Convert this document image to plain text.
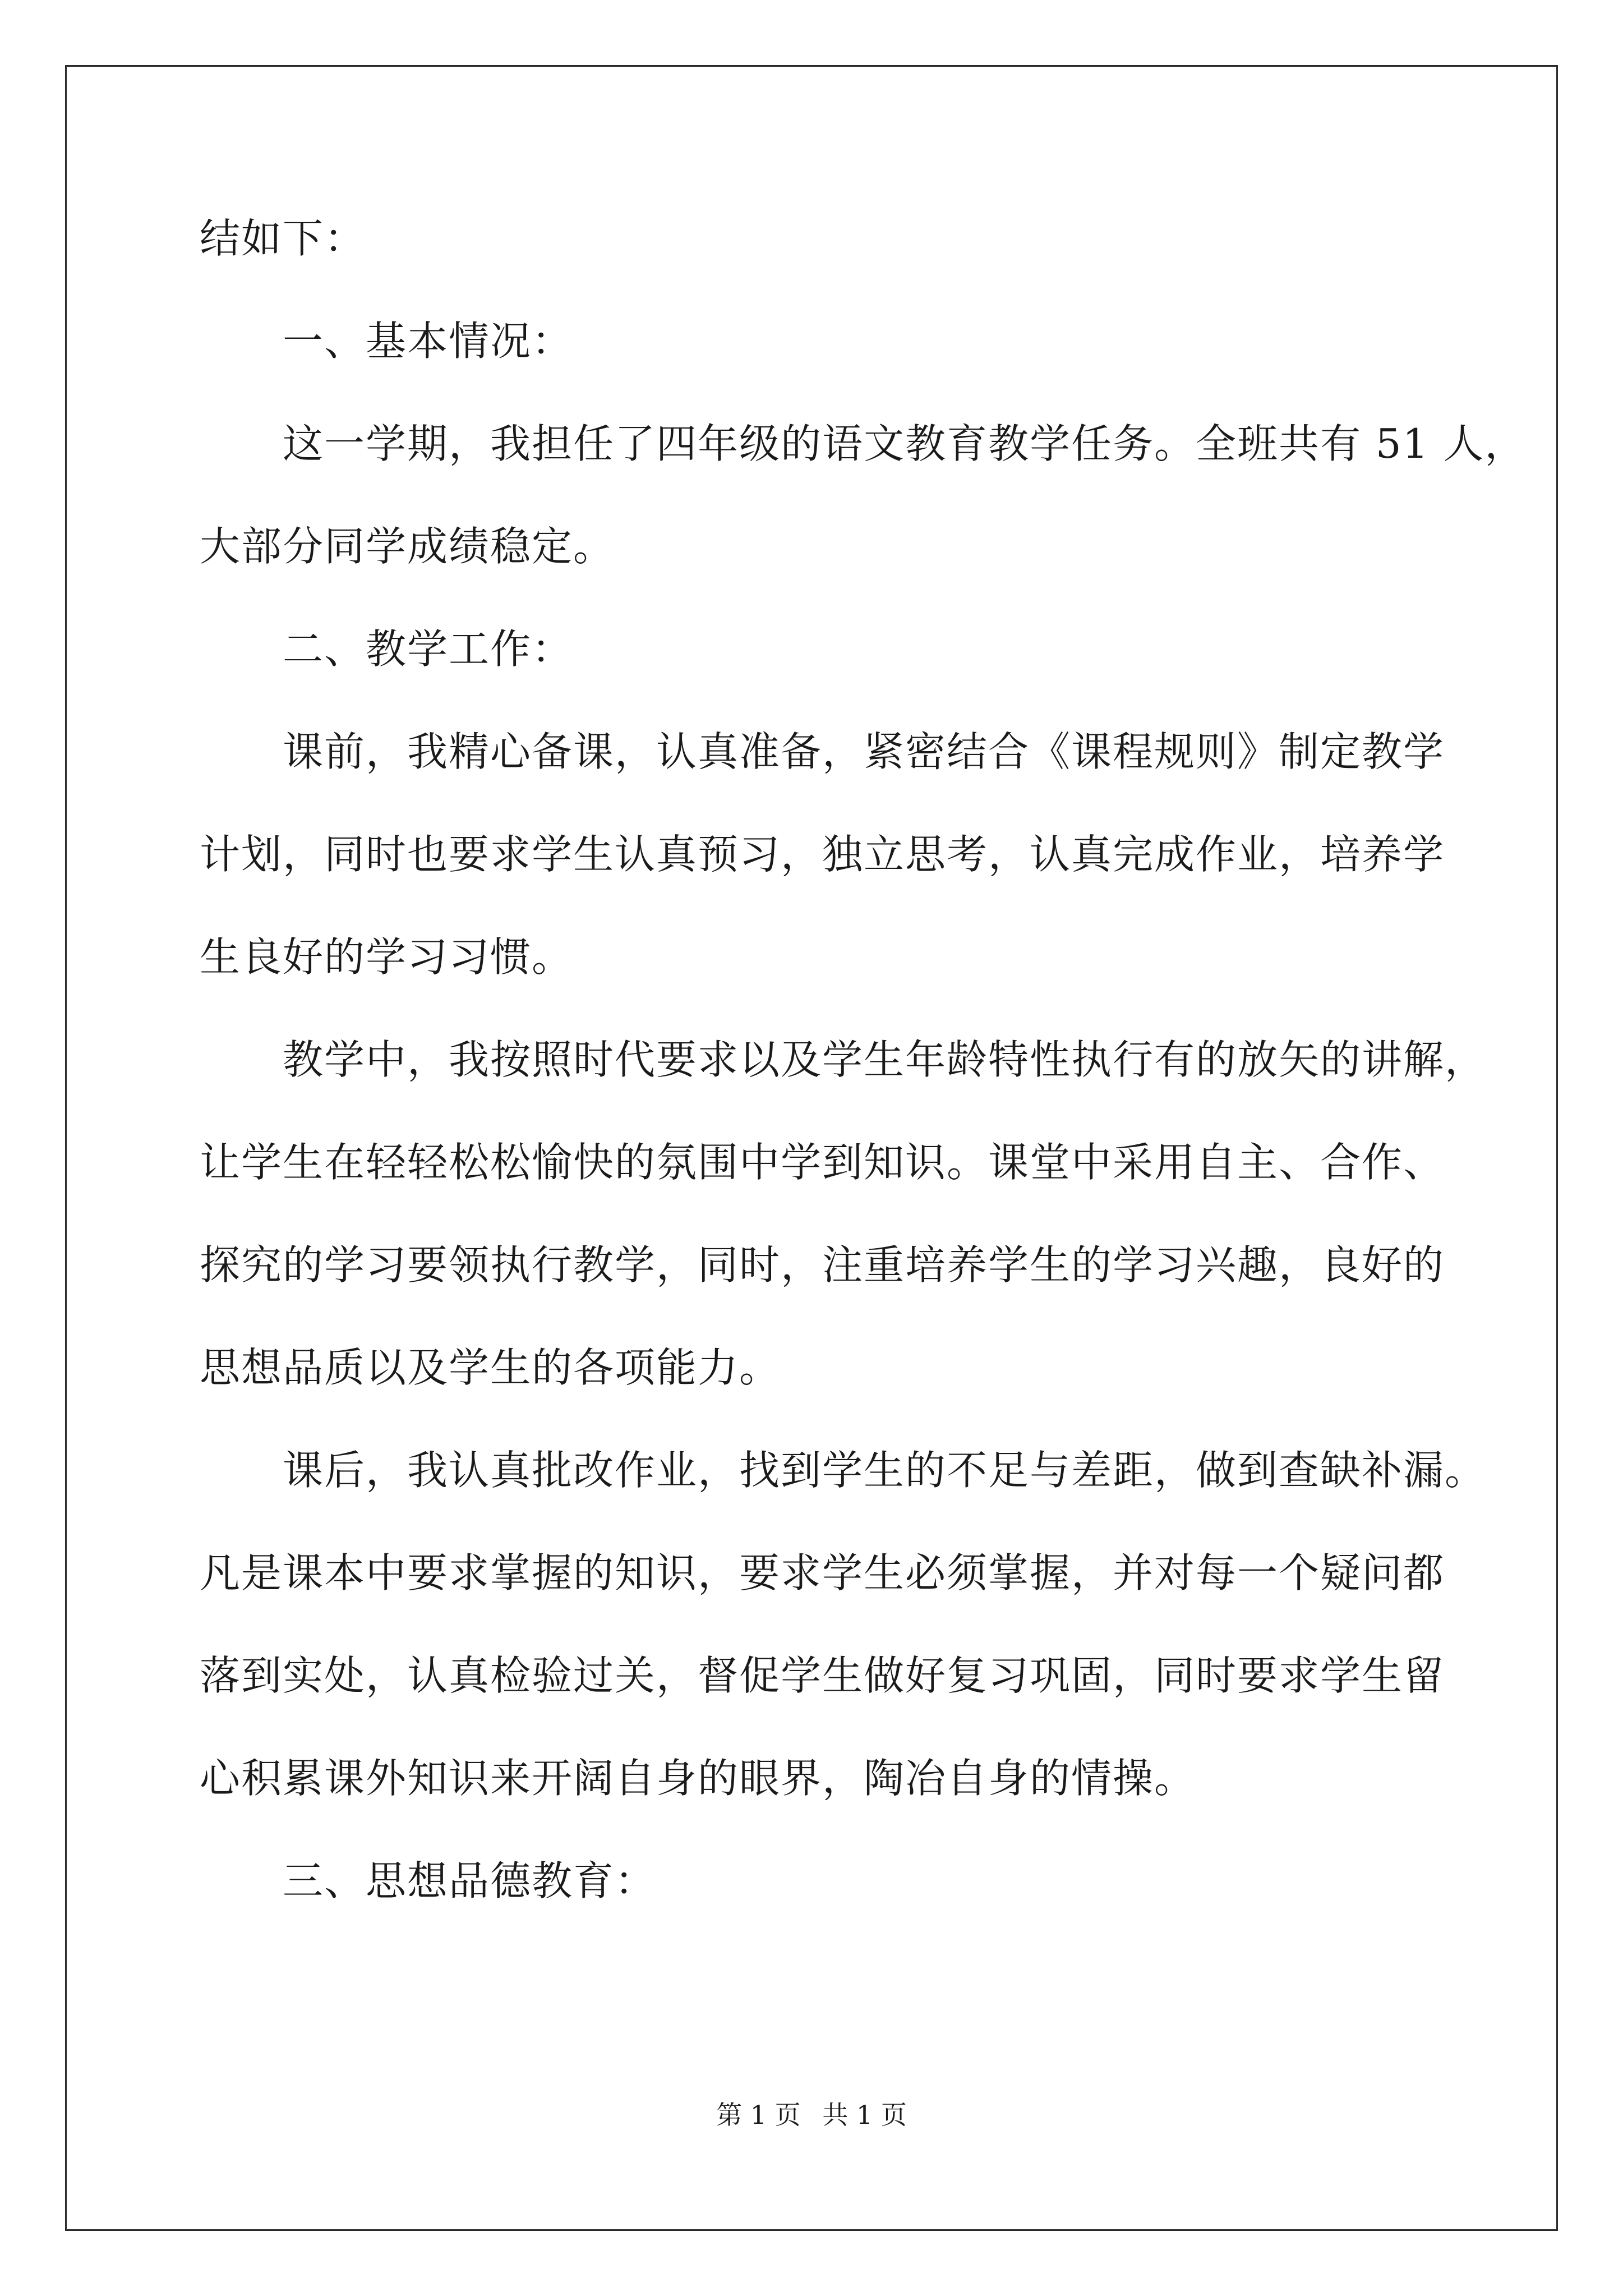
结如下：
　　一、基本情况：
　　这一学期，我担任了四年级的语文教育教学任务。全班共有 51 人，
大部分同学成绩稳定。
　　二、教学工作：
　　课前，我精心备课，认真准备，紧密结合《课程规则》制定教学
计划，同时也要求学生认真预习，独立思考，认真完成作业，培养学
生良好的学习习惯。
　　教学中，我按照时代要求以及学生年龄特性执行有的放矢的讲解，
让学生在轻轻松松愉快的氛围中学到知识。课堂中采用自主、合作、
探究的学习要领执行教学，同时，注重培养学生的学习兴趣，良好的
思想品质以及学生的各项能力。
　　课后，我认真批改作业，找到学生的不足与差距，做到查缺补漏。
凡是课本中要求掌握的知识，要求学生必须掌握，并对每一个疑问都
落到实处，认真检验过关，督促学生做好复习巩固，同时要求学生留
心积累课外知识来开阔自身的眼界，陶冶自身的情操。
　　三、思想品德教育：
第 1 页 共 1 页
